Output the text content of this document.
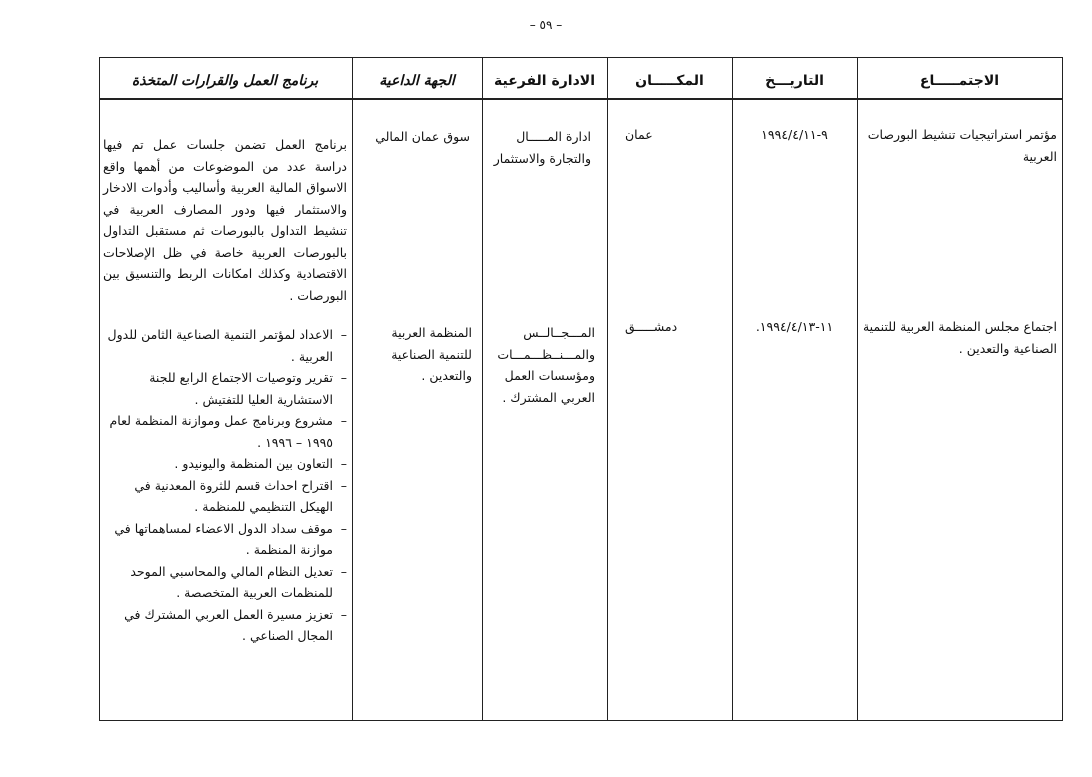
– ٥٩ –
الاجتمـــــاع
التاريـــخ
المكـــــان
الادارة الفرعية
الجهة الداعية
برنامج العمل والقرارات المتخذة
مؤتمر استراتيجيات تنشيط البورصات العربية
٩-١٩٩٤/٤/١١
عمان
ادارة المـــــال والتجارة والاستثمار
سوق عمان المالي
برنامج العمل تضمن جلسات عمل تم فيها دراسة عدد من الموضوعات من أهمها واقع الاسواق المالية العربية وأساليب وأدوات الادخار والاستثمار فيها ودور المصارف العربية في تنشيط التداول بالبورصات ثم مستقبل التداول بالبورصات العربية خاصة في ظل الإصلاحات الاقتصادية وكذلك امكانات الربط والتنسيق بين البورصات .
اجتماع مجلس المنظمة العربية للتنمية الصناعية والتعدين .
١١-١٩٩٤/٤/١٣.
دمشـــــق
المـــجــالــس والمـــنــظـــمـــات ومؤسسات العمل العربي المشترك .
المنظمة العربية للتنمية الصناعية والتعدين .
– الاعداد لمؤتمر التنمية الصناعية الثامن للدول العربية .
– تقرير وتوصيات الاجتماع الرابع للجنة الاستشارية العليا للتفتيش .
– مشروع وبرنامج عمل وموازنة المنظمة لعام ١٩٩٥ – ١٩٩٦ .
– التعاون بين المنظمة واليونيدو .
– اقتراح احداث قسم للثروة المعدنية في الهيكل التنظيمي للمنظمة .
– موقف سداد الدول الاعضاء لمساهماتها في موازنة المنظمة .
– تعديل النظام المالي والمحاسبي الموحد للمنظمات العربية المتخصصة .
– تعزيز مسيرة العمل العربي المشترك في المجال الصناعي .
